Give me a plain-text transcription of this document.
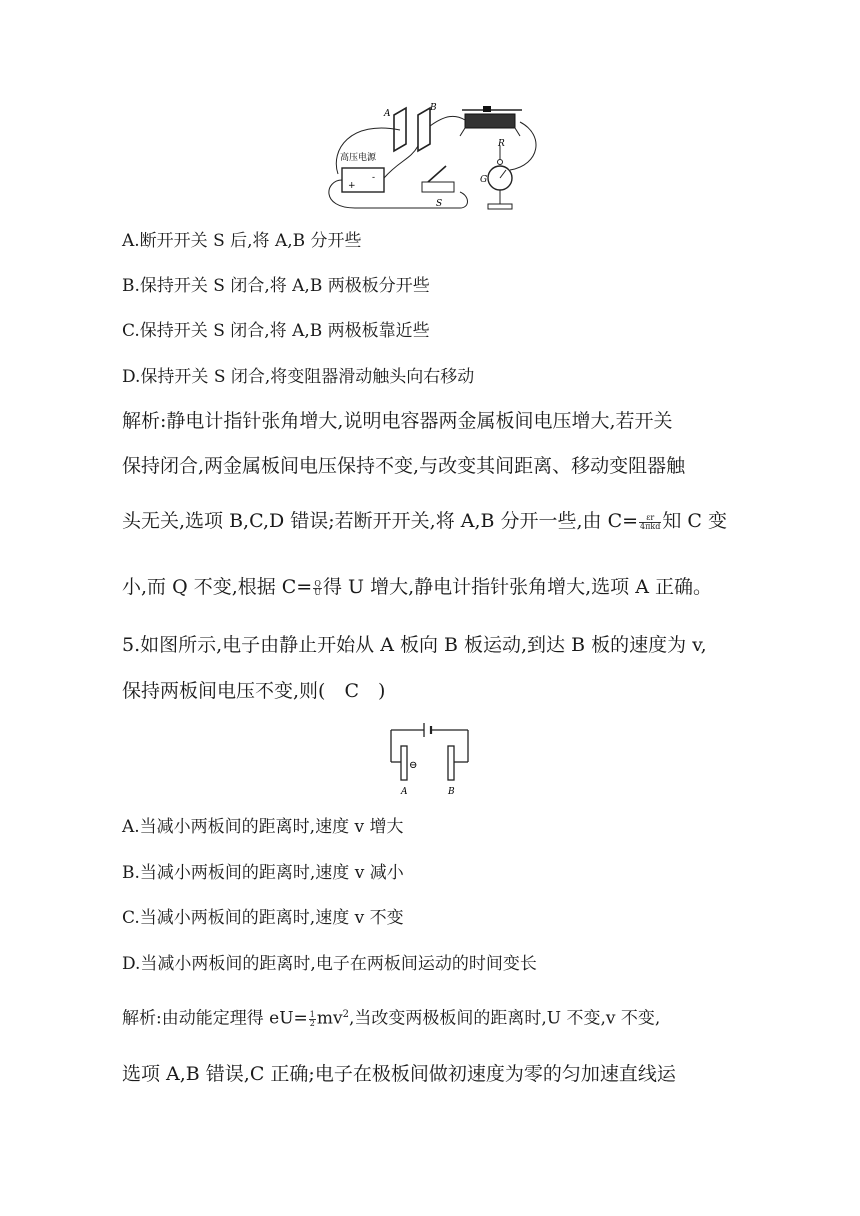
A
B
R
G
高压电源
+
-
S
A.断开开关 S 后,将 A,B 分开些
B.保持开关 S 闭合,将 A,B 两极板分开些
C.保持开关 S 闭合,将 A,B 两极板靠近些
D.保持开关 S 闭合,将变阻器滑动触头向右移动
解析:静电计指针张角增大,说明电容器两金属板间电压增大,若开关
保持闭合,两金属板间电压保持不变,与改变其间距离、移动变阻器触
头无关,选项 B,C,D 错误;若断开开关,将 A,B 分开一些,由 $C= \frac{\varepsilon r}{\text{4πkd}}$ 知 C 变
小,而 Q 不变,根据 $C= \frac{Q}{U}$ 得 U 增大,静电计指针张角增大,选项 A 正确。
5.如图所示,电子由静止开始从 A 板向 B 板运动,到达 B 板的速度为 v,
保持两板间电压不变,则(　C　)
⊖
A	B
A.当减小两板间的距离时,速度 v 增大
B.当减小两板间的距离时,速度 v 减小
C.当减小两板间的距离时,速度 v 不变
D.当减小两板间的距离时,电子在两板间运动的时间变长
解析:由动能定理得 $eU= \frac{1}{2} mv^2$,当改变两极板间的距离时,U 不变,v 不变,
选项 A,B 错误,C 正确;电子在极板间做初速度为零的匀加速直线运
